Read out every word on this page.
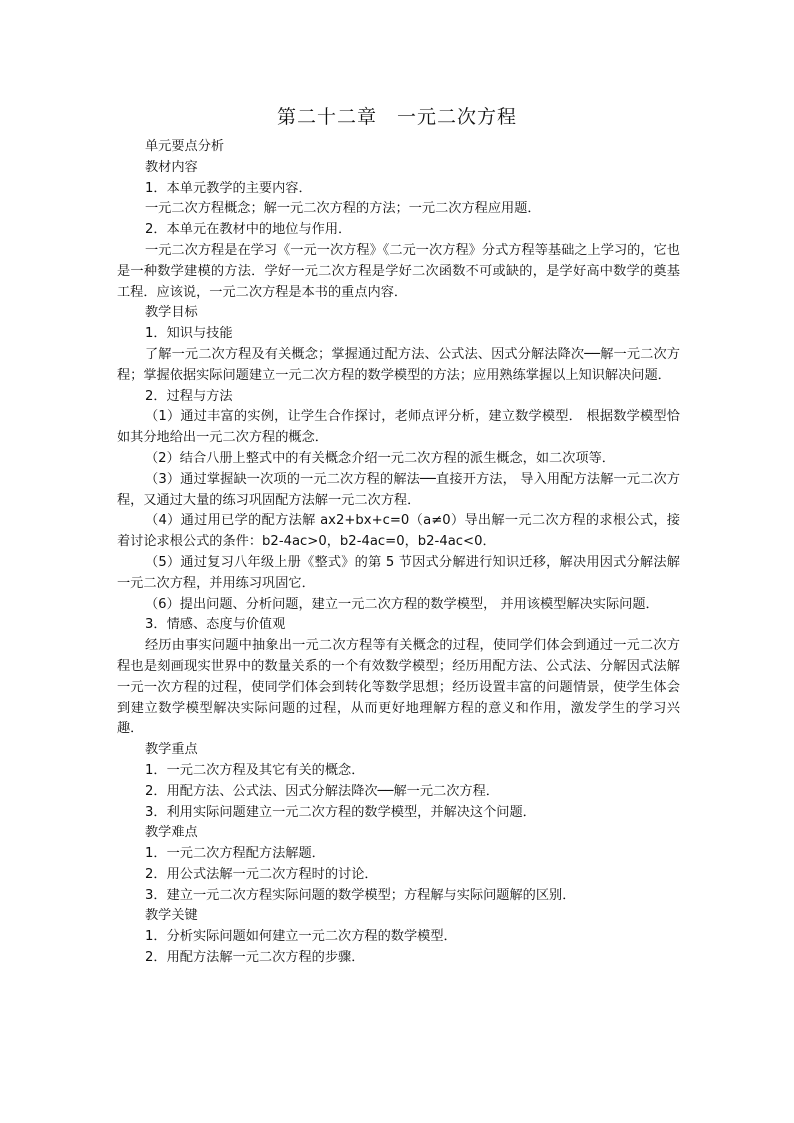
第二十二章　一元二次方程

单元要点分析

教材内容

1．本单元教学的主要内容．

一元二次方程概念；解一元二次方程的方法；一元二次方程应用题．

2．本单元在教材中的地位与作用．

一元二次方程是在学习《一元一次方程》《二元一次方程》分式方程等基础之上学习的，它也是一种数学建模的方法．学好一元二次方程是学好二次函数不可或缺的，是学好高中数学的奠基工程．应该说，一元二次方程是本书的重点内容．

教学目标

1．知识与技能

了解一元二次方程及有关概念；掌握通过配方法、公式法、因式分解法降次──解一元二次方程；掌握依据实际问题建立一元二次方程的数学模型的方法；应用熟练掌握以上知识解决问题．

2．过程与方法

（1）通过丰富的实例，让学生合作探讨，老师点评分析，建立数学模型． 根据数学模型恰如其分地给出一元二次方程的概念．

（2）结合八册上整式中的有关概念介绍一元二次方程的派生概念，如二次项等．

（3）通过掌握缺一次项的一元二次方程的解法──直接开方法， 导入用配方法解一元二次方程，又通过大量的练习巩固配方法解一元二次方程．

（4）通过用已学的配方法解 ax2+bx+c=0（a≠0）导出解一元二次方程的求根公式，接着讨论求根公式的条件：b2-4ac>0，b2-4ac=0，b2-4ac<0．

（5）通过复习八年级上册《整式》的第 5 节因式分解进行知识迁移，解决用因式分解法解一元二次方程，并用练习巩固它．

（6）提出问题、分析问题，建立一元二次方程的数学模型， 并用该模型解决实际问题．

3．情感、态度与价值观

经历由事实问题中抽象出一元二次方程等有关概念的过程，使同学们体会到通过一元二次方程也是刻画现实世界中的数量关系的一个有效数学模型；经历用配方法、公式法、分解因式法解一元一次方程的过程，使同学们体会到转化等数学思想；经历设置丰富的问题情景，使学生体会到建立数学模型解决实际问题的过程，从而更好地理解方程的意义和作用，激发学生的学习兴趣．

教学重点

1．一元二次方程及其它有关的概念．

2．用配方法、公式法、因式分解法降次──解一元二次方程．

3．利用实际问题建立一元二次方程的数学模型，并解决这个问题．

教学难点

1．一元二次方程配方法解题．

2．用公式法解一元二次方程时的讨论．

3．建立一元二次方程实际问题的数学模型；方程解与实际问题解的区别．

教学关键

1．分析实际问题如何建立一元二次方程的数学模型．

2．用配方法解一元二次方程的步骤．
